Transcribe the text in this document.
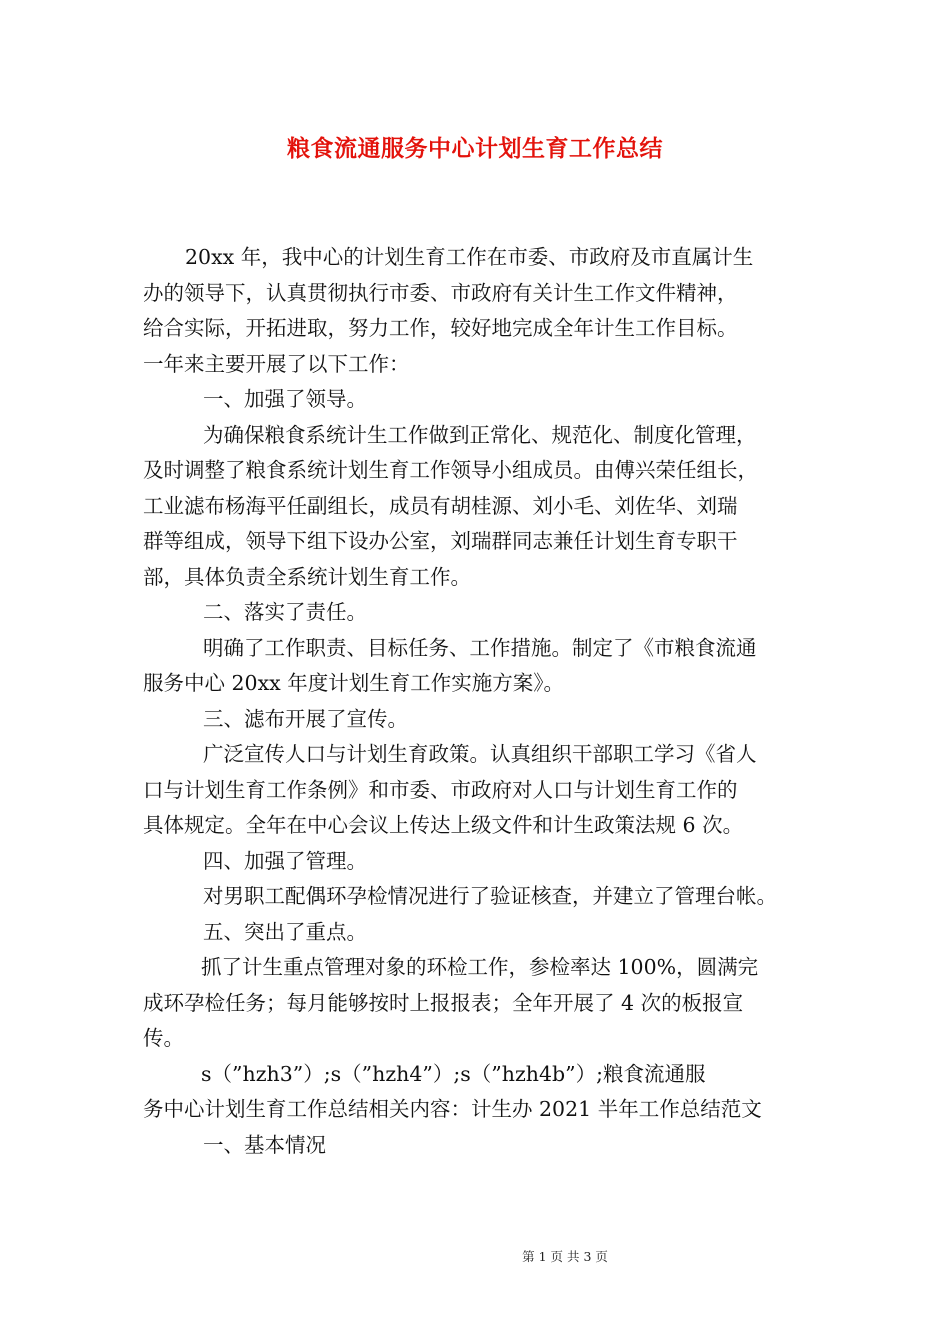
粮食流通服务中心计划生育工作总结
20xx 年，我中心的计划生育工作在市委、市政府及市直属计生
办的领导下，认真贯彻执行市委、市政府有关计生工作文件精神，
给合实际，开拓进取，努力工作，较好地完成全年计生工作目标。
一年来主要开展了以下工作：
一、加强了领导。
为确保粮食系统计生工作做到正常化、规范化、制度化管理，
及时调整了粮食系统计划生育工作领导小组成员。由傅兴荣任组长，
工业滤布杨海平任副组长，成员有胡桂源、刘小毛、刘佐华、刘瑞
群等组成，领导下组下设办公室，刘瑞群同志兼任计划生育专职干
部，具体负责全系统计划生育工作。
二、落实了责任。
明确了工作职责、目标任务、工作措施。制定了《市粮食流通
服务中心 20xx 年度计划生育工作实施方案》。
三、滤布开展了宣传。
广泛宣传人口与计划生育政策。认真组织干部职工学习《省人
口与计划生育工作条例》和市委、市政府对人口与计划生育工作的
具体规定。全年在中心会议上传达上级文件和计生政策法规 6 次。
四、加强了管理。
对男职工配偶环孕检情况进行了验证核查，并建立了管理台帐。
五、突出了重点。
抓了计生重点管理对象的环检工作，参检率达 100%，圆满完
成环孕检任务；每月能够按时上报报表；全年开展了 4 次的板报宣
传。
s（”hzh3”）;s（”hzh4”）;s（”hzh4b”）;粮食流通服
务中心计划生育工作总结相关内容：计生办 2021 半年工作总结范文
一、基本情况
第 1 页 共 3 页
